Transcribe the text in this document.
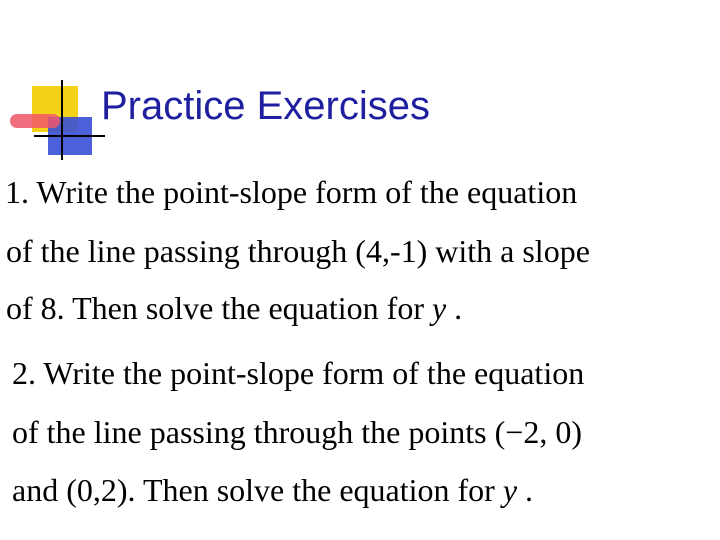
Practice Exercises
1. Write the point-slope form of the equation
of the line passing through (4,-1) with a slope
of 8. Then solve the equation for y .
2. Write the point-slope form of the equation
of the line passing through the points (−2, 0)
and (0,2). Then solve the equation for y .
